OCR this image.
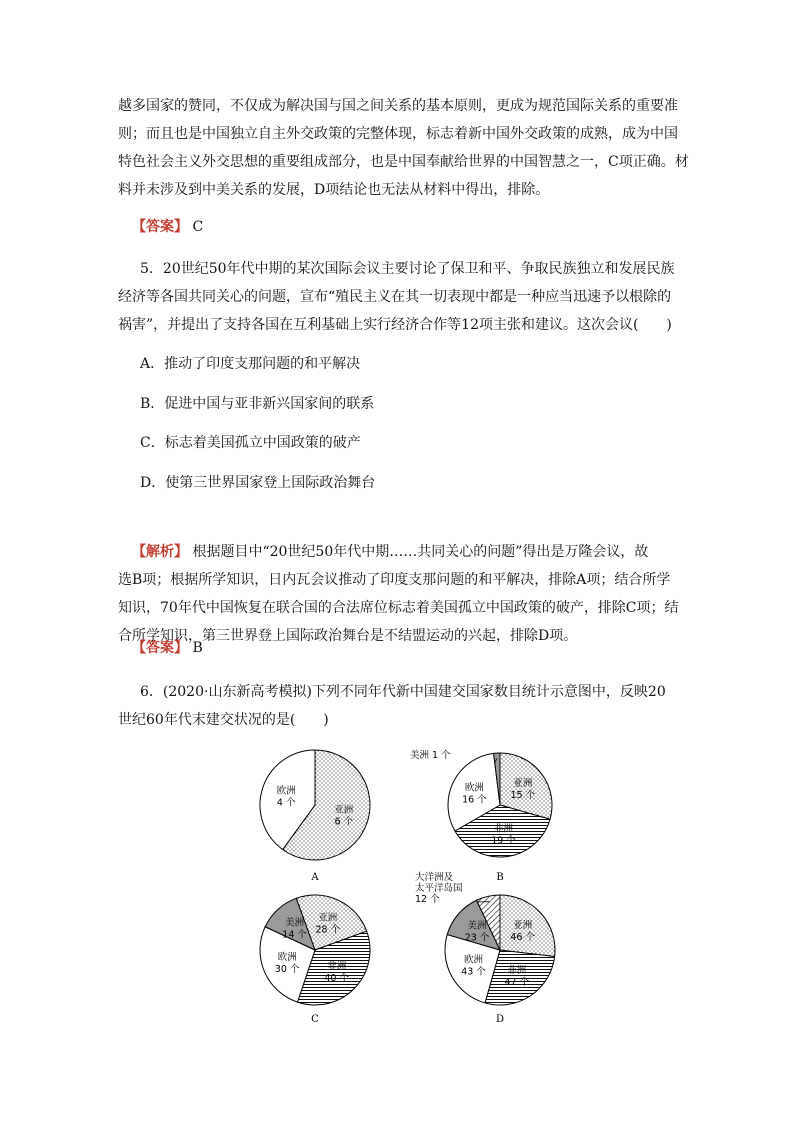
越多国家的赞同，不仅成为解决国与国之间关系的基本原则，更成为规范国际关系的重要准
则；而且也是中国独立自主外交政策的完整体现，标志着新中国外交政策的成熟，成为中国
特色社会主义外交思想的重要组成部分，也是中国奉献给世界的中国智慧之一，C项正确。材
料并未涉及到中美关系的发展，D项结论也无法从材料中得出，排除。
【答案】 C
5．20世纪50年代中期的某次国际会议主要讨论了保卫和平、争取民族独立和发展民族
经济等各国共同关心的问题，宣布“殖民主义在其一切表现中都是一种应当迅速予以根除的
祸害”，并提出了支持各国在互利基础上实行经济合作等12项主张和建议。这次会议(　　)
A．推动了印度支那问题的和平解决
B．促进中国与亚非新兴国家间的联系
C．标志着美国孤立中国政策的破产
D．使第三世界国家登上国际政治舞台
【解析】 根据题目中“20世纪50年代中期……共同关心的问题”得出是万隆会议，故
选B项；根据所学知识，日内瓦会议推动了印度支那问题的和平解决，排除A项；结合所学
知识，70年代中国恢复在联合国的合法席位标志着美国孤立中国政策的破产，排除C项；结
合所学知识，第三世界登上国际政治舞台是不结盟运动的兴起，排除D项。
【答案】 B
6．(2020·山东新高考模拟)下列不同年代新中国建交国家数目统计示意图中，反映20
世纪60年代末建交状况的是(　　)
亚洲 6 个
欧洲 4 个
A
亚洲 15 个
非洲 19 个
欧洲 16 个
美洲 1 个
B
亚洲 28 个
非洲 40 个
欧洲 30 个
美洲 14 个
C
亚洲 46 个
非洲 47 个
欧洲 43 个
美洲 23 个
大洋洲及太平洋岛国 12 个
D
